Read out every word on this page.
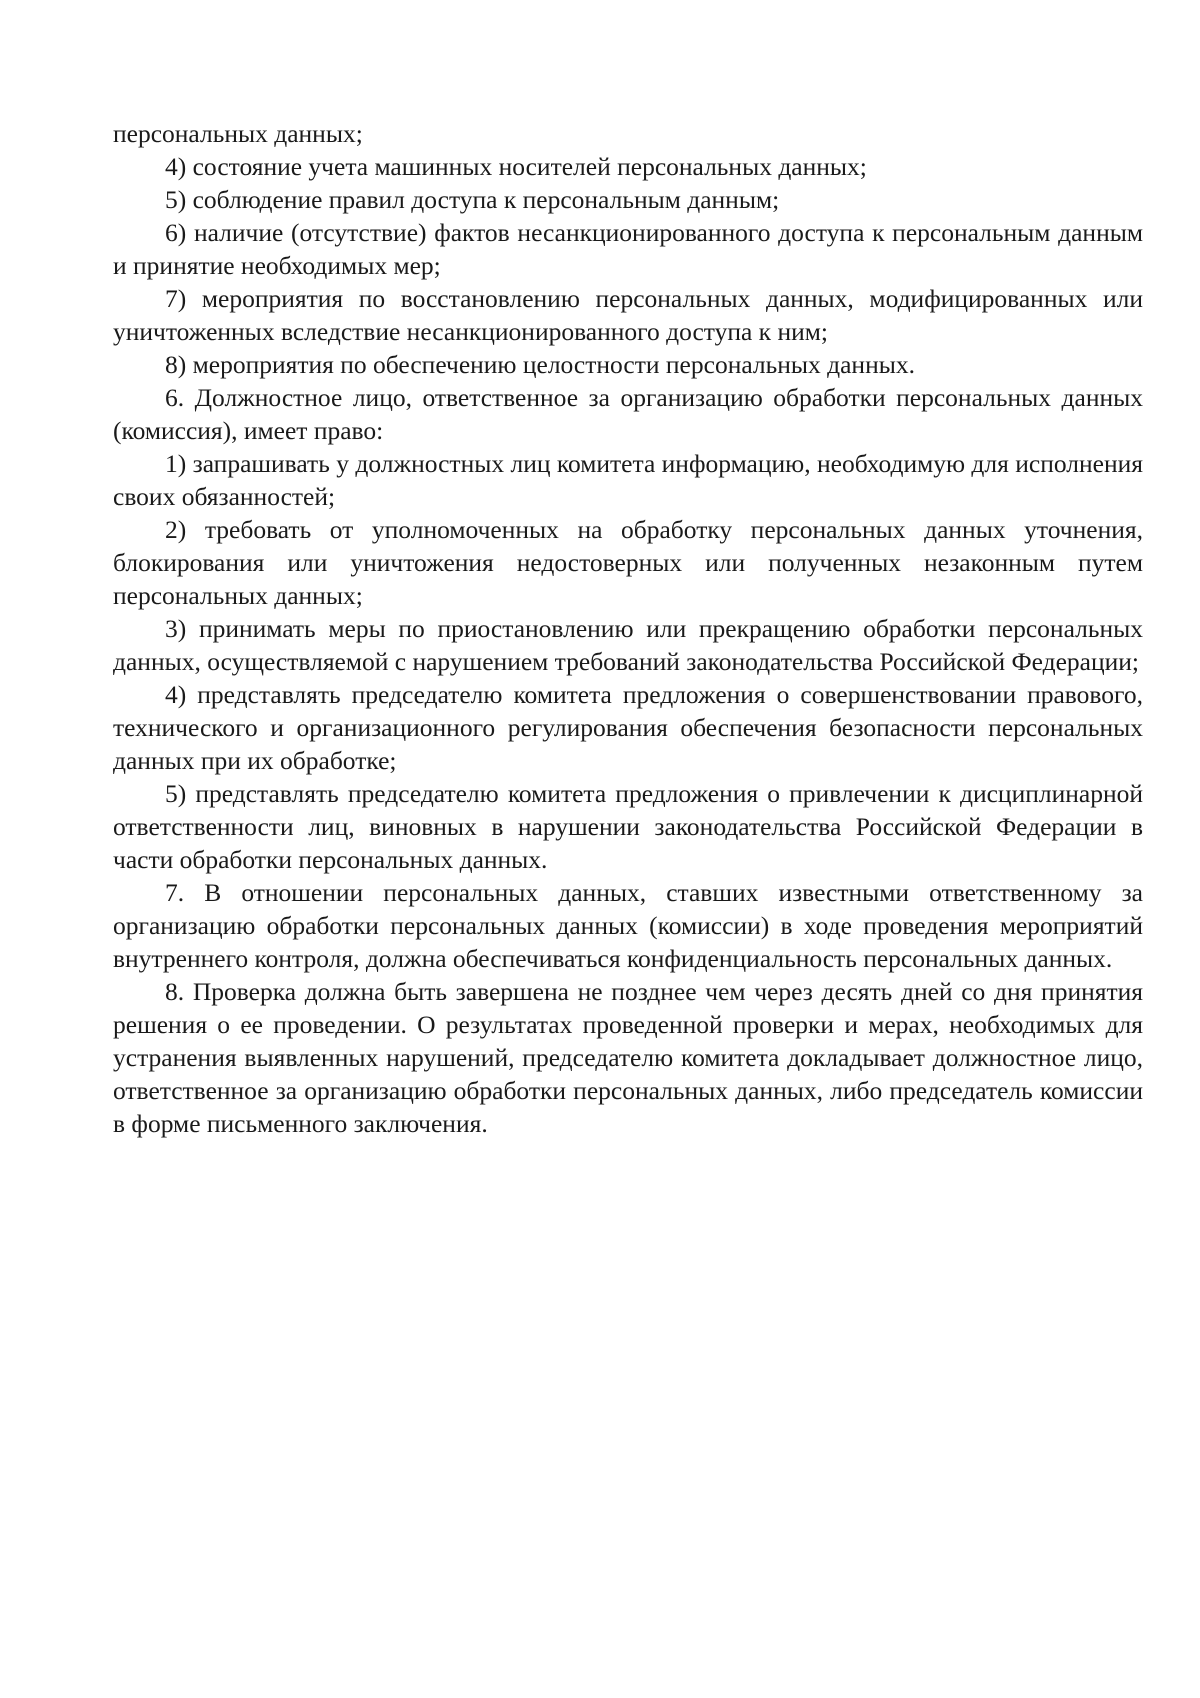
персональных данных;

4) состояние учета машинных носителей персональных данных;

5) соблюдение правил доступа к персональным данным;

6) наличие (отсутствие) фактов несанкционированного доступа к персональным данным и принятие необходимых мер;

7) мероприятия по восстановлению персональных данных, модифицированных или уничтоженных вследствие несанкционированного доступа к ним;

8) мероприятия по обеспечению целостности персональных данных.

6. Должностное лицо, ответственное за организацию обработки персональных данных (комиссия), имеет право:

1) запрашивать у должностных лиц комитета информацию, необходимую для исполнения своих обязанностей;

2) требовать от уполномоченных на обработку персональных данных уточнения, блокирования или уничтожения недостоверных или полученных незаконным путем персональных данных;

3) принимать меры по приостановлению или прекращению обработки персональных данных, осуществляемой с нарушением требований законодательства Российской Федерации;

4) представлять председателю комитета предложения о совершенствовании правового, технического и организационного регулирования обеспечения безопасности персональных данных при их обработке;

5) представлять председателю комитета предложения о привлечении к дисциплинарной ответственности лиц, виновных в нарушении законодательства Российской Федерации в части обработки персональных данных.

7. В отношении персональных данных, ставших известными ответственному за организацию обработки персональных данных (комиссии) в ходе проведения мероприятий внутреннего контроля, должна обеспечиваться конфиденциальность персональных данных.

8. Проверка должна быть завершена не позднее чем через десять дней со дня принятия решения о ее проведении. О результатах проведенной проверки и мерах, необходимых для устранения выявленных нарушений, председателю комитета докладывает должностное лицо, ответственное за организацию обработки персональных данных, либо председатель комиссии в форме письменного заключения.
